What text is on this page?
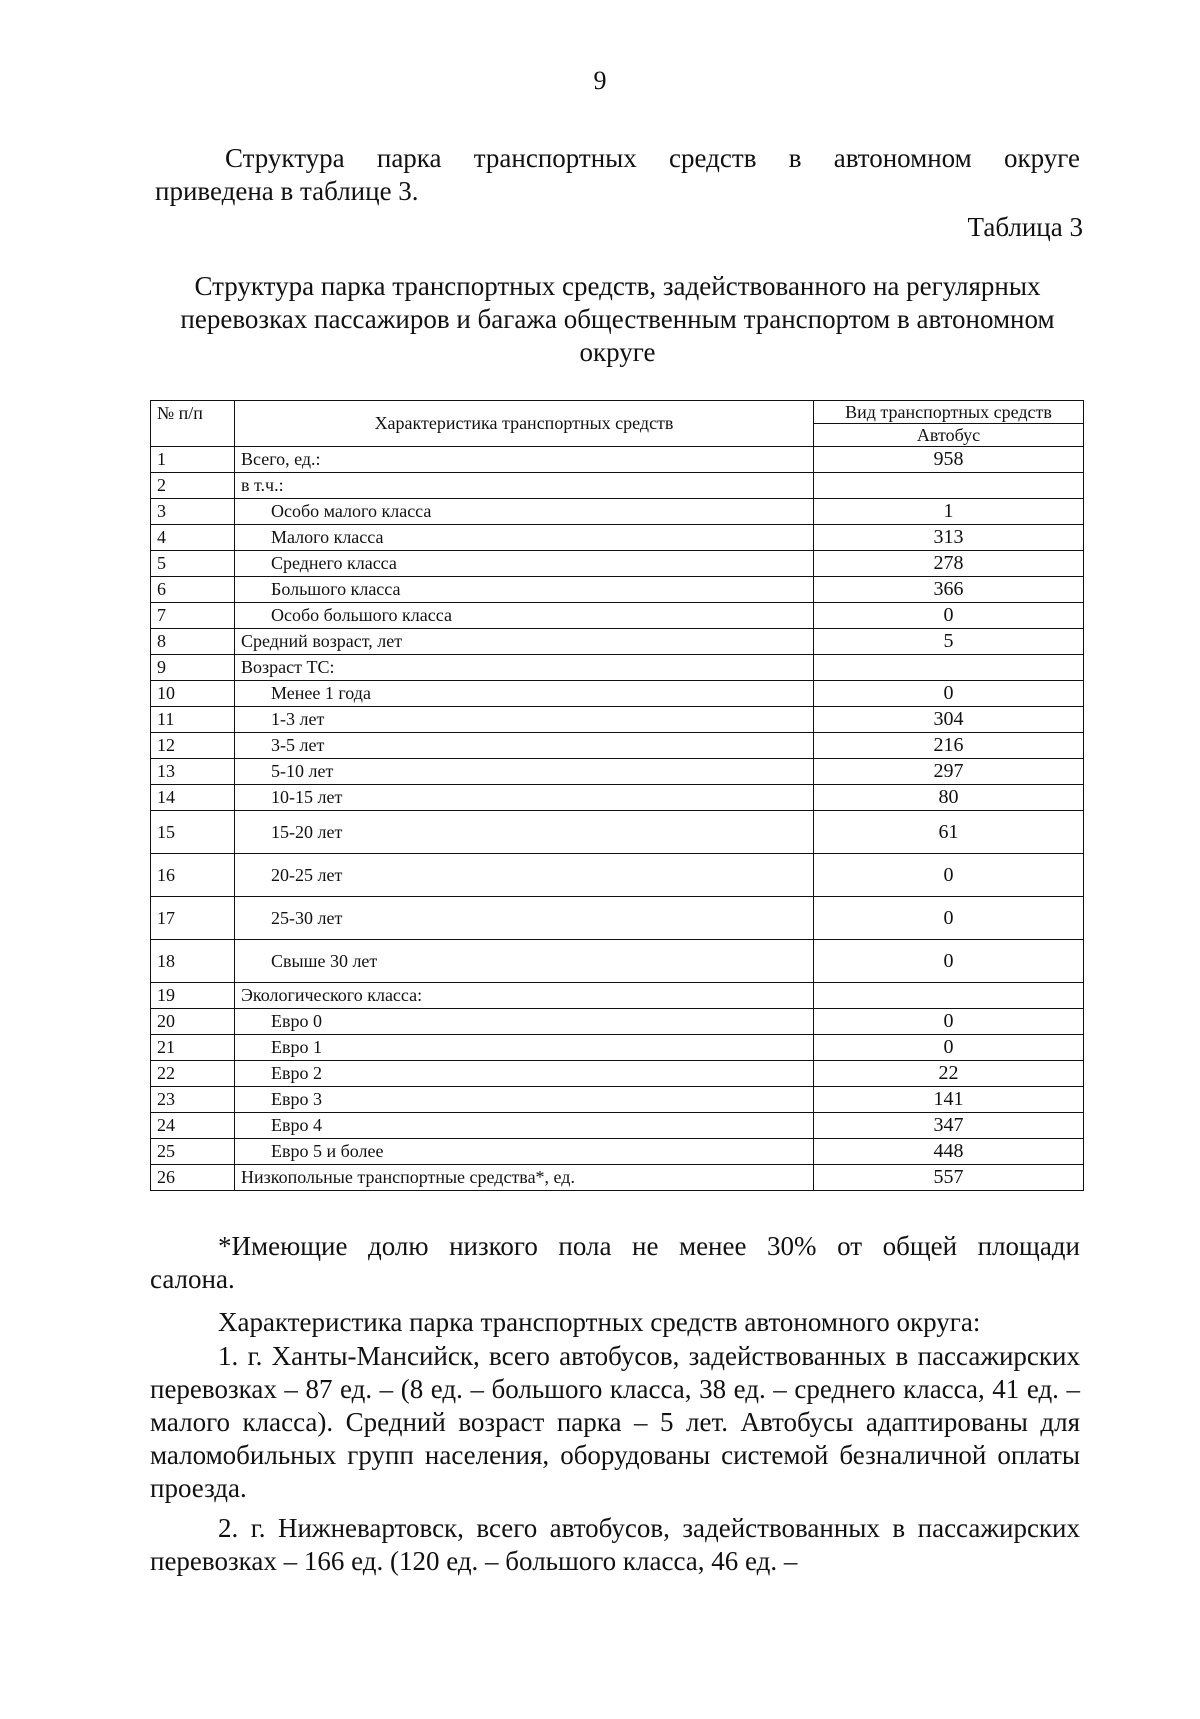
9
Структура парка транспортных средств в автономном округе
приведена в таблице 3.
Таблица 3
Структура парка транспортных средств, задействованного на регулярных перевозках пассажиров и багажа общественным транспортом в автономном округе
№ п/п	Характеристика транспортных средств	Вид транспортных средств
		Автобус
1	Всего, ед.:	958
2	в т.ч.:	
3	Особо малого класса	1
4	Малого класса	313
5	Среднего класса	278
6	Большого класса	366
7	Особо большого класса	0
8	Средний возраст, лет	5
9	Возраст ТС:	
10	Менее 1 года	0
11	1-3 лет	304
12	3-5 лет	216
13	5-10 лет	297
14	10-15 лет	80
15	15-20 лет	61
16	20-25 лет	0
17	25-30 лет	0
18	Свыше 30 лет	0
19	Экологического класса:	
20	Евро 0	0
21	Евро 1	0
22	Евро 2	22
23	Евро 3	141
24	Евро 4	347
25	Евро 5 и более	448
26	Низкопольные транспортные средства*, ед.	557
*Имеющие долю низкого пола не менее 30% от общей площади
салона.
Характеристика парка транспортных средств автономного округа:
1. г. Ханты-Мансийск, всего автобусов, задействованных в пассажирских перевозках – 87 ед. – (8 ед. – большого класса, 38 ед. – среднего класса, 41 ед. – малого класса). Средний возраст парка – 5 лет. Автобусы адаптированы для маломобильных групп населения, оборудованы системой безналичной оплаты проезда.
2. г. Нижневартовск, всего автобусов, задействованных в пассажирских перевозках – 166 ед. (120 ед. – большого класса, 46 ед. –
